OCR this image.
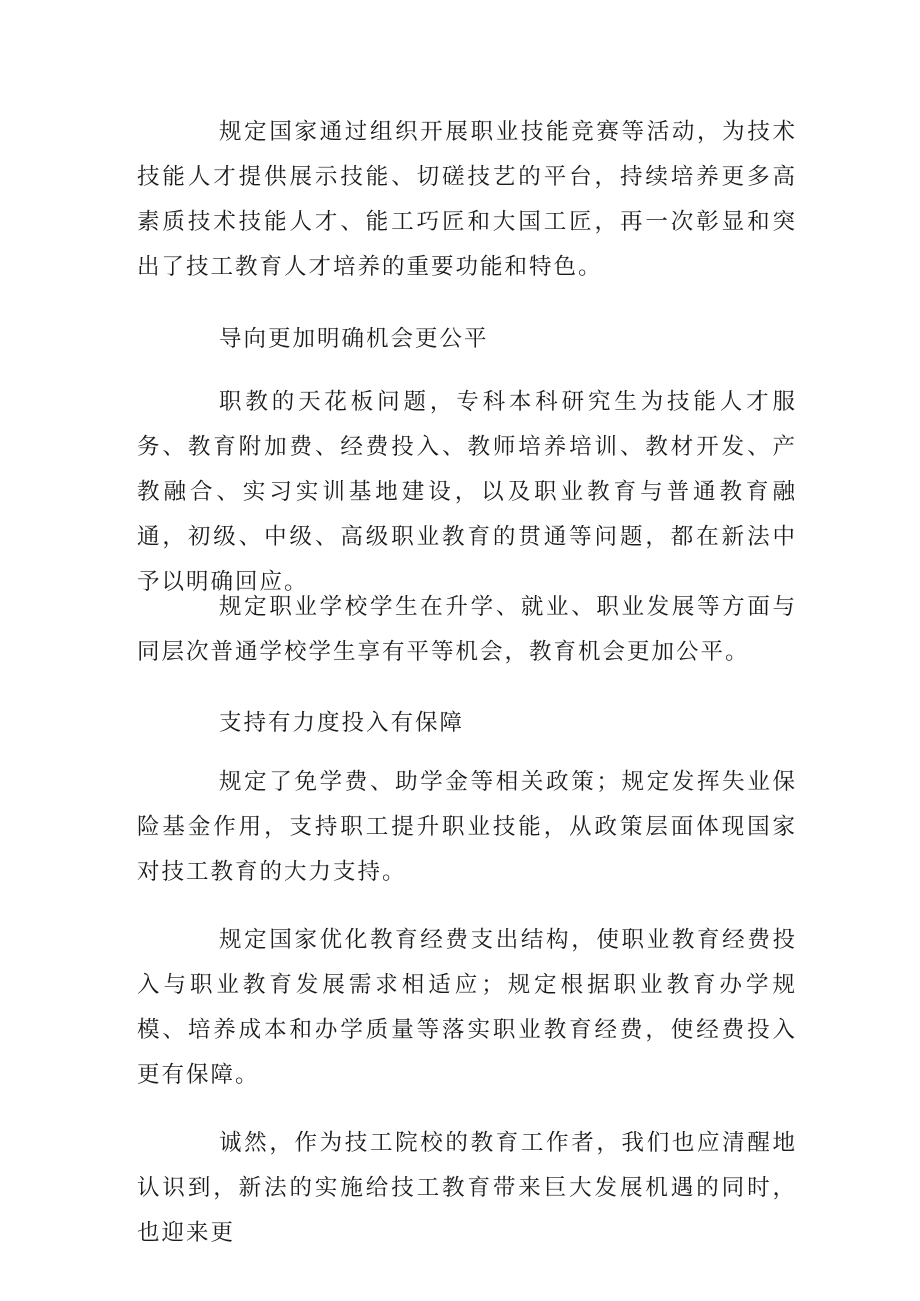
规定国家通过组织开展职业技能竞赛等活动，为技术技能人才提供展示技能、切磋技艺的平台，持续培养更多高素质技术技能人才、能工巧匠和大国工匠，再一次彰显和突出了技工教育人才培养的重要功能和特色。

导向更加明确机会更公平

职教的天花板问题，专科本科研究生为技能人才服务、教育附加费、经费投入、教师培养培训、教材开发、产教融合、实习实训基地建设，以及职业教育与普通教育融通，初级、中级、高级职业教育的贯通等问题，都在新法中予以明确回应。

规定职业学校学生在升学、就业、职业发展等方面与同层次普通学校学生享有平等机会，教育机会更加公平。

支持有力度投入有保障

规定了免学费、助学金等相关政策；规定发挥失业保险基金作用，支持职工提升职业技能，从政策层面体现国家对技工教育的大力支持。

规定国家优化教育经费支出结构，使职业教育经费投入与职业教育发展需求相适应；规定根据职业教育办学规模、培养成本和办学质量等落实职业教育经费，使经费投入更有保障。

诚然，作为技工院校的教育工作者，我们也应清醒地认识到，新法的实施给技工教育带来巨大发展机遇的同时，也迎来更
